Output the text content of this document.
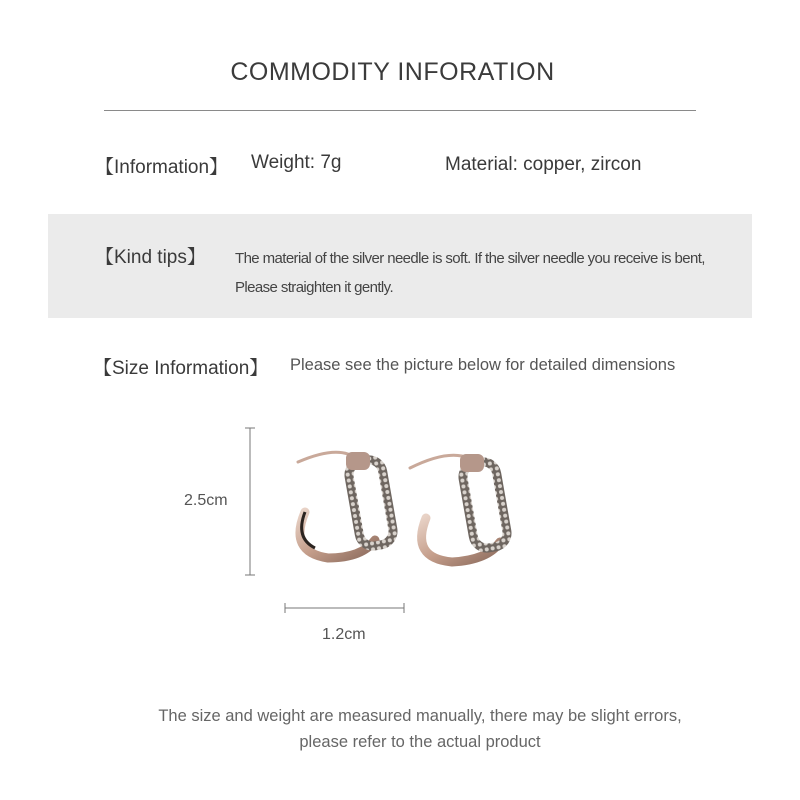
COMMODITY INFORATION
【Information】 Weight: 7g	Material: copper, zircon
【Kind tips】 The material of the silver needle is soft. If the silver needle you receive is bent,
Please straighten it gently.
【Size Information】 Please see the picture below for detailed dimensions
2.5cm
1.2cm
The size and weight are measured manually, there may be slight errors,
please refer to the actual product
